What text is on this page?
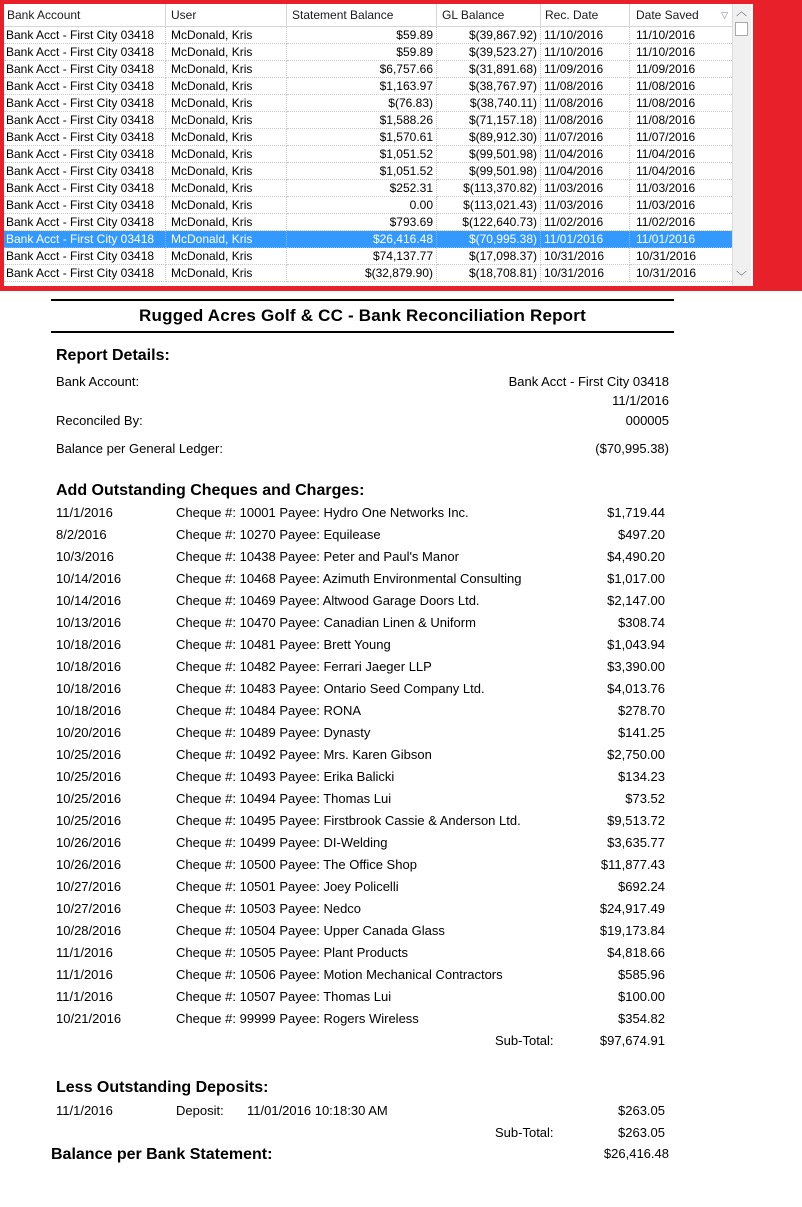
Bank Account	User	Statement Balance	GL Balance	Rec. Date	Date Saved ▽
Bank Acct - First City 03418	McDonald, Kris	$59.89	$(39,867.92) 11/10/2016	11/10/2016
Bank Acct - First City 03418	McDonald, Kris	$59.89	$(39,523.27) 11/10/2016	11/10/2016
Bank Acct - First City 03418	McDonald, Kris	$6,757.66	$(31,891.68) 11/09/2016	11/09/2016
Bank Acct - First City 03418	McDonald, Kris	$1,163.97	$(38,767.97) 11/08/2016	11/08/2016
Bank Acct - First City 03418	McDonald, Kris	$(76.83)	$(38,740.11) 11/08/2016	11/08/2016
Bank Acct - First City 03418	McDonald, Kris	$1,588.26	$(71,157.18) 11/08/2016	11/08/2016
Bank Acct - First City 03418	McDonald, Kris	$1,570.61	$(89,912.30) 11/07/2016	11/07/2016
Bank Acct - First City 03418	McDonald, Kris	$1,051.52	$(99,501.98) 11/04/2016	11/04/2016
Bank Acct - First City 03418	McDonald, Kris	$1,051.52	$(99,501.98) 11/04/2016	11/04/2016
Bank Acct - First City 03418	McDonald, Kris	$252.31	$(113,370.82) 11/03/2016	11/03/2016
Bank Acct - First City 03418	McDonald, Kris	0.00	$(113,021.43) 11/03/2016	11/03/2016
Bank Acct - First City 03418	McDonald, Kris	$793.69	$(122,640.73) 11/02/2016	11/02/2016
Bank Acct - First City 03418	McDonald, Kris	$26,416.48	$(70,995.38) 11/01/2016	11/01/2016
Bank Acct - First City 03418	McDonald, Kris	$74,137.77	$(17,098.37) 10/31/2016	10/31/2016
Bank Acct - First City 03418	McDonald, Kris	$(32,879.90)	$(18,708.81) 10/31/2016	10/31/2016
︿
﹀
Rugged Acres Golf & CC - Bank Reconciliation Report
Report Details:
Bank Account:	Bank Acct - First City 03418
11/1/2016
Reconciled By:	000005
Balance per General Ledger:	($70,995.38)
Add Outstanding Cheques and Charges:
11/1/2016	Cheque #: 10001 Payee: Hydro One Networks Inc.	$1,719.44
8/2/2016	Cheque #: 10270 Payee: Equilease	$497.20
10/3/2016	Cheque #: 10438 Payee: Peter and Paul's Manor	$4,490.20
10/14/2016	Cheque #: 10468 Payee: Azimuth Environmental Consulting	$1,017.00
10/14/2016	Cheque #: 10469 Payee: Altwood Garage Doors Ltd.	$2,147.00
10/13/2016	Cheque #: 10470 Payee: Canadian Linen & Uniform	$308.74
10/18/2016	Cheque #: 10481 Payee: Brett Young	$1,043.94
10/18/2016	Cheque #: 10482 Payee: Ferrari Jaeger LLP	$3,390.00
10/18/2016	Cheque #: 10483 Payee: Ontario Seed Company Ltd.	$4,013.76
10/18/2016	Cheque #: 10484 Payee: RONA	$278.70
10/20/2016	Cheque #: 10489 Payee: Dynasty	$141.25
10/25/2016	Cheque #: 10492 Payee: Mrs. Karen Gibson	$2,750.00
10/25/2016	Cheque #: 10493 Payee: Erika Balicki	$134.23
10/25/2016	Cheque #: 10494 Payee: Thomas Lui	$73.52
10/25/2016	Cheque #: 10495 Payee: Firstbrook Cassie & Anderson Ltd.	$9,513.72
10/26/2016	Cheque #: 10499 Payee: DI-Welding	$3,635.77
10/26/2016	Cheque #: 10500 Payee: The Office Shop	$11,877.43
10/27/2016	Cheque #: 10501 Payee: Joey Policelli	$692.24
10/27/2016	Cheque #: 10503 Payee: Nedco	$24,917.49
10/28/2016	Cheque #: 10504 Payee: Upper Canada Glass	$19,173.84
11/1/2016	Cheque #: 10505 Payee: Plant Products	$4,818.66
11/1/2016	Cheque #: 10506 Payee: Motion Mechanical Contractors	$585.96
11/1/2016	Cheque #: 10507 Payee: Thomas Lui	$100.00
10/21/2016	Cheque #: 99999 Payee: Rogers Wireless	$354.82
Sub-Total:	$97,674.91
Less Outstanding Deposits:
11/1/2016	Deposit: 11/01/2016 10:18:30 AM	$263.05
Sub-Total:	$263.05
Balance per Bank Statement:	$26,416.48
